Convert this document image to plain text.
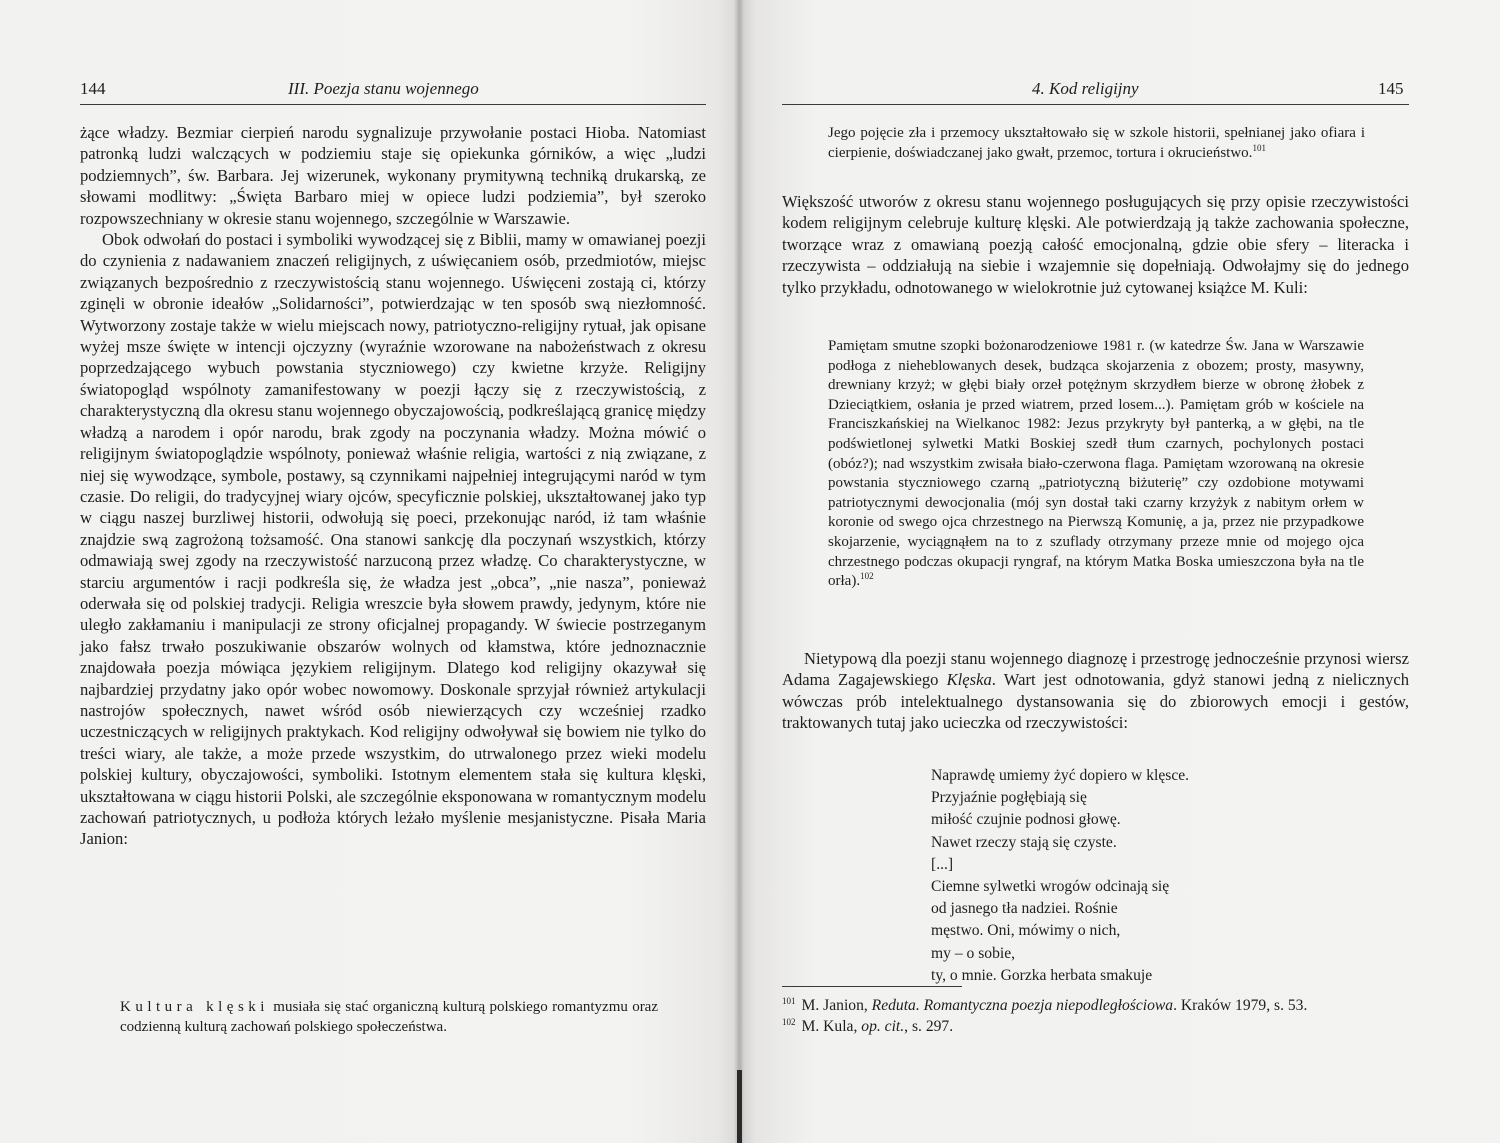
144	III. Poezja stanu wojennego

żące władzy. Bezmiar cierpień narodu sygnalizuje przywołanie postaci Hioba. Natomiast patronką ludzi walczących w podziemiu staje się opiekunka górników, a więc „ludzi podziemnych”, św. Barbara. Jej wizerunek, wykonany prymitywną techniką drukarską, ze słowami modlitwy: „Święta Barbaro miej w opiece ludzi podziemia”, był szeroko rozpowszechniany w okresie stanu wojennego, szczególnie w Warszawie.

Obok odwołań do postaci i symboliki wywodzącej się z Biblii, mamy w omawianej poezji do czynienia z nadawaniem znaczeń religijnych, z uświęcaniem osób, przedmiotów, miejsc związanych bezpośrednio z rzeczywistością stanu wojennego. Uświęceni zostają ci, którzy zginęli w obronie ideałów „Solidarności”, potwierdzając w ten sposób swą niezłomność. Wytworzony zostaje także w wielu miejscach nowy, patriotyczno-religijny rytuał, jak opisane wyżej msze święte w intencji ojczyzny (wyraźnie wzorowane na nabożeństwach z okresu poprzedzającego wybuch powstania styczniowego) czy kwietne krzyże. Religijny światopogląd wspólnoty zamanifestowany w poezji łączy się z rzeczywistością, z charakterystyczną dla okresu stanu wojennego obyczajowością, podkreślającą granicę między władzą a narodem i opór narodu, brak zgody na poczynania władzy. Można mówić o religijnym światopoglądzie wspólnoty, ponieważ właśnie religia, wartości z nią związane, z niej się wywodzące, symbole, postawy, są czynnikami najpełniej integrującymi naród w tym czasie. Do religii, do tradycyjnej wiary ojców, specyficznie polskiej, ukształtowanej jako typ w ciągu naszej burzliwej historii, odwołują się poeci, przekonując naród, iż tam właśnie znajdzie swą zagrożoną tożsamość. Ona stanowi sankcję dla poczynań wszystkich, którzy odmawiają swej zgody na rzeczywistość narzuconą przez władzę. Co charakterystyczne, w starciu argumentów i racji podkreśla się, że władza jest „obca”, „nie nasza”, ponieważ oderwała się od polskiej tradycji. Religia wreszcie była słowem prawdy, jedynym, które nie uległo zakłamaniu i manipulacji ze strony oficjalnej propagandy. W świecie postrzeganym jako fałsz trwało poszukiwanie obszarów wolnych od kłamstwa, które jednoznacznie znajdowała poezja mówiąca językiem religijnym. Dlatego kod religijny okazywał się najbardziej przydatny jako opór wobec nowomowy. Doskonale sprzyjał również artykulacji nastrojów społecznych, nawet wśród osób niewierzących czy wcześniej rzadko uczestniczących w religijnych praktykach. Kod religijny odwoływał się bowiem nie tylko do treści wiary, ale także, a może przede wszystkim, do utrwalonego przez wieki modelu polskiej kultury, obyczajowości, symboliki. Istotnym elementem stała się kultura klęski, ukształtowana w ciągu historii Polski, ale szczególnie eksponowana w romantycznym modelu zachowań patriotycznych, u podłoża których leżało myślenie mesjanistyczne. Pisała Maria Janion:

Kultura klęski musiała się stać organiczną kulturą polskiego romantyzmu oraz codzienną kulturą zachowań polskiego społeczeństwa.
4. Kod religijny	145
Jego pojęcie zła i przemocy ukształtowało się w szkole historii, spełnianej jako ofiara i cierpienie, doświadczanej jako gwałt, przemoc, tortura i okrucieństwo.$^{101}$

Większość utworów z okresu stanu wojennego posługujących się przy opisie rzeczywistości kodem religijnym celebruje kulturę klęski. Ale potwierdzają ją także zachowania społeczne, tworzące wraz z omawianą poezją całość emocjonalną, gdzie obie sfery – literacka i rzeczywista – oddziałują na siebie i wzajemnie się dopełniają. Odwołajmy się do jednego tylko przykładu, odnotowanego w wielokrotnie już cytowanej książce M. Kuli:

Pamiętam smutne szopki bożonarodzeniowe 1981 r. (w katedrze Św. Jana w Warszawie podłoga z nieheblowanych desek, budząca skojarzenia z obozem; prosty, masywny, drewniany krzyż; w głębi biały orzeł potężnym skrzydłem bierze w obronę żłobek z Dzieciątkiem, osłania je przed wiatrem, przed losem...). Pamiętam grób w kościele na Franciszkańskiej na Wielkanoc 1982: Jezus przykryty był panterką, a w głębi, na tle podświetlonej sylwetki Matki Boskiej szedł tłum czarnych, pochylonych postaci (obóz?); nad wszystkim zwisała biało-czerwona flaga. Pamiętam wzorowaną na okresie powstania styczniowego czarną „patriotyczną biżuterię” czy ozdobione motywami patriotycznymi dewocjonalia (mój syn dostał taki czarny krzyżyk z nabitym orłem w koronie od swego ojca chrzestnego na Pierwszą Komunię, a ja, przez nie przypadkowe skojarzenie, wyciągnąłem na to z szuflady otrzymany przeze mnie od mojego ojca chrzestnego podczas okupacji ryngraf, na którym Matka Boska umieszczona była na tle orła).$^{102}$

Nietypową dla poezji stanu wojennego diagnozę i przestrogę jednocześnie przynosi wiersz Adama Zagajewskiego Klęska. Wart jest odnotowania, gdyż stanowi jedną z nielicznych wówczas prób intelektualnego dystansowania się do zbiorowych emocji i gestów, traktowanych tutaj jako ucieczka od rzeczywistości:

Naprawdę umiemy żyć dopiero w klęsce.
Przyjaźnie pogłębiają się
miłość czujnie podnosi głowę.
Nawet rzeczy stają się czyste.
[...]
Ciemne sylwetki wrogów odcinają się
od jasnego tła nadziei. Rośnie
męstwo. Oni, mówimy o nich,
my – o sobie,
ty, o mnie. Gorzka herbata smakuje
$^{101}$ M. Janion, Reduta. Romantyczna poezja niepodległościowa. Kraków 1979, s. 53.
$^{102}$ M. Kula, op. cit., s. 297.
